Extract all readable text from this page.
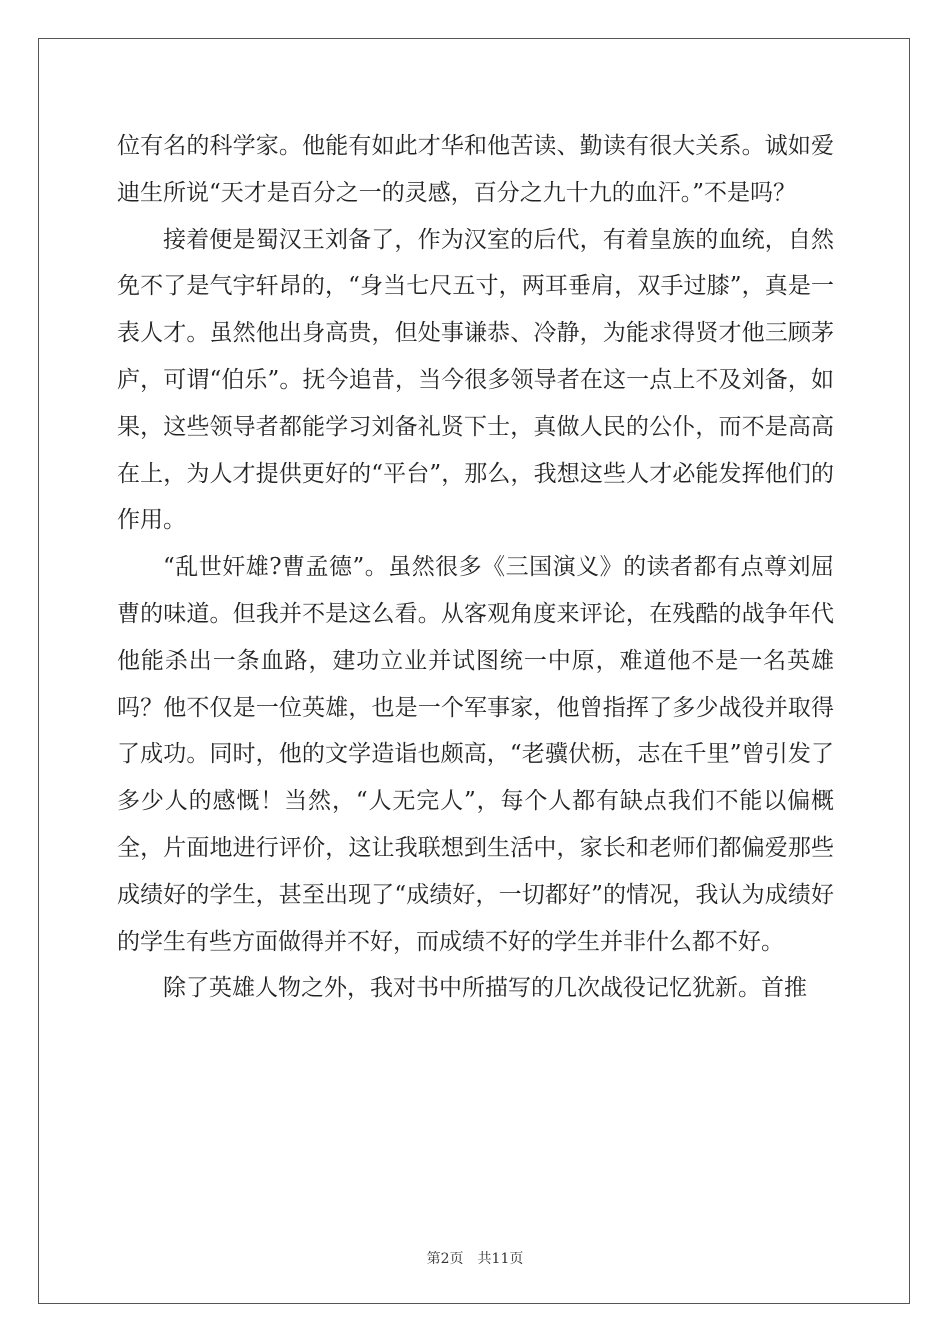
位有名的科学家。他能有如此才华和他苦读、勤读有很大关系。诚如爱迪生所说“天才是百分之一的灵感，百分之九十九的血汗。”不是吗？

接着便是蜀汉王刘备了，作为汉室的后代，有着皇族的血统，自然免不了是气宇轩昂的，“身当七尺五寸，两耳垂肩，双手过膝”，真是一表人才。虽然他出身高贵，但处事谦恭、冷静，为能求得贤才他三顾茅庐，可谓“伯乐”。抚今追昔，当今很多领导者在这一点上不及刘备，如果，这些领导者都能学习刘备礼贤下士，真做人民的公仆，而不是高高在上，为人才提供更好的“平台”，那么，我想这些人才必能发挥他们的作用。

“乱世奸雄?曹孟德”。虽然很多《三国演义》的读者都有点尊刘屈曹的味道。但我并不是这么看。从客观角度来评论，在残酷的战争年代他能杀出一条血路，建功立业并试图统一中原，难道他不是一名英雄吗？他不仅是一位英雄，也是一个军事家，他曾指挥了多少战役并取得了成功。同时，他的文学造诣也颇高，“老骥伏枥，志在千里”曾引发了多少人的感慨！当然，“人无完人”，每个人都有缺点我们不能以偏概全，片面地进行评价，这让我联想到生活中，家长和老师们都偏爱那些成绩好的学生，甚至出现了“成绩好，一切都好”的情况，我认为成绩好的学生有些方面做得并不好，而成绩不好的学生并非什么都不好。

除了英雄人物之外，我对书中所描写的几次战役记忆犹新。首推

第2页 共11页
